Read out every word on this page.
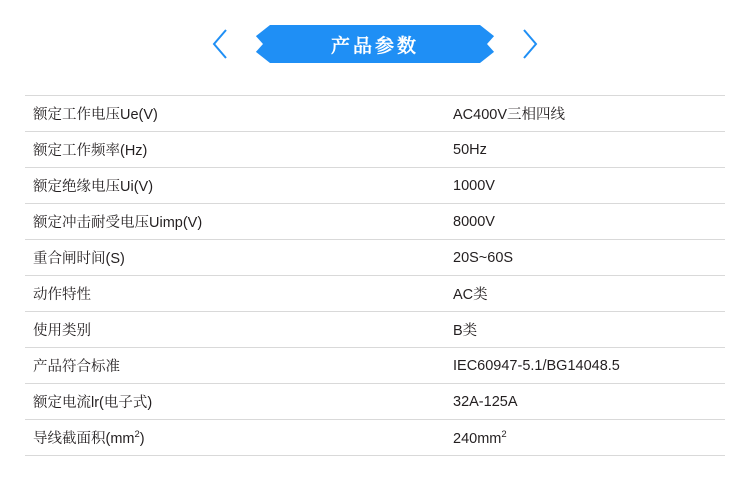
产品参数
额定工作电压Ue(V)	AC400V三相四线
额定工作频率(Hz)	50Hz
额定绝缘电压Ui(V)	1000V
额定冲击耐受电压Uimp(V)	8000V
重合闸时间(S)	20S~60S
动作特性	AC类
使用类别	B类
产品符合标准	IEC60947-5.1/BG14048.5
额定电流lr(电子式)	32A-125A
导线截面积$(mm^2)$	$240mm^2$
